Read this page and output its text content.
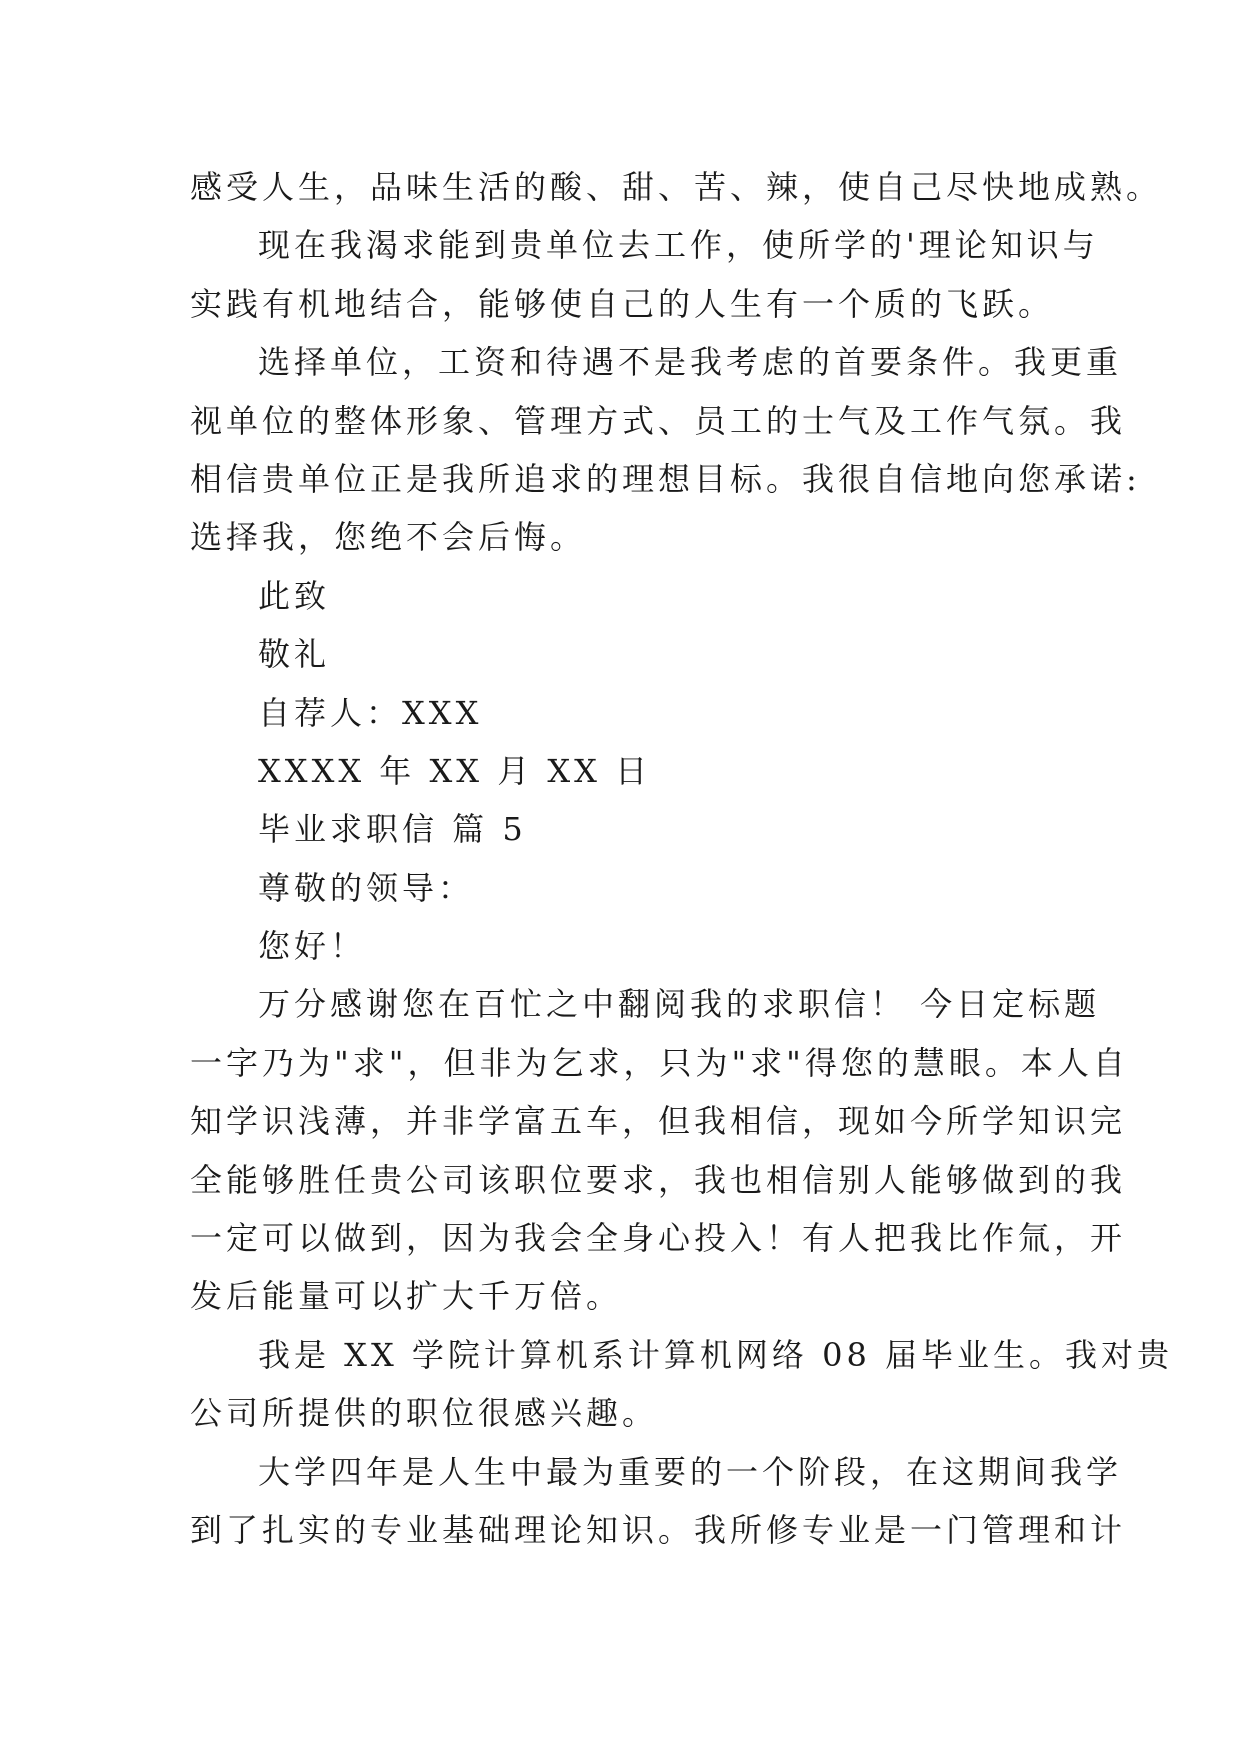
感受人生，品味生活的酸、甜、苦、辣，使自己尽快地成熟。
现在我渴求能到贵单位去工作，使所学的'理论知识与
实践有机地结合，能够使自己的人生有一个质的飞跃。
选择单位，工资和待遇不是我考虑的首要条件。我更重
视单位的整体形象、管理方式、员工的士气及工作气氛。我
相信贵单位正是我所追求的理想目标。我很自信地向您承诺:
选择我，您绝不会后悔。
此致
敬礼
自荐人：XXX
XXXX 年 XX 月 XX 日
毕业求职信 篇 5
尊敬的领导：
您好！
万分感谢您在百忙之中翻阅我的求职信！ 今日定标题
一字乃为"求"，但非为乞求，只为"求"得您的慧眼。本人自
知学识浅薄，并非学富五车，但我相信，现如今所学知识完
全能够胜任贵公司该职位要求，我也相信别人能够做到的我
一定可以做到，因为我会全身心投入！有人把我比作氚，开
发后能量可以扩大千万倍。
我是 XX 学院计算机系计算机网络 08 届毕业生。我对贵
公司所提供的职位很感兴趣。
大学四年是人生中最为重要的一个阶段，在这期间我学
到了扎实的专业基础理论知识。我所修专业是一门管理和计
